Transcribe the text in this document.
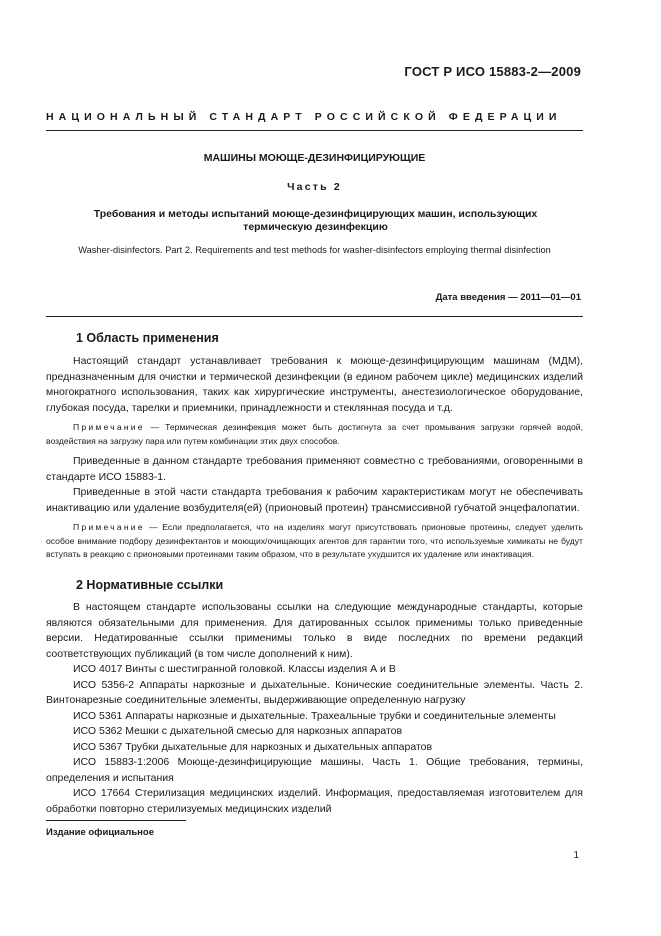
ГОСТ Р ИСО 15883-2—2009
НАЦИОНАЛЬНЫЙ СТАНДАРТ РОССИЙСКОЙ ФЕДЕРАЦИИ
МАШИНЫ МОЮЩЕ-ДЕЗИНФИЦИРУЮЩИЕ
Часть 2
Требования и методы испытаний моюще-дезинфицирующих машин, использующих термическую дезинфекцию
Washer-disinfectors. Part 2. Requirements and test methods for washer-disinfectors employing thermal disinfection
Дата введения — 2011—01—01
1 Область применения

Настоящий стандарт устанавливает требования к моюще-дезинфицирующим машинам (МДМ), предназначенным для очистки и термической дезинфекции (в едином рабочем цикле) медицинских изделий многократного использования, таких как хирургические инструменты, анестезиологическое оборудование, глубокая посуда, тарелки и приемники, принадлежности и стеклянная посуда и т.д.

Примечание — Термическая дезинфекция может быть достигнута за счет промывания загрузки горячей водой, воздействия на загрузку пара или путем комбинации этих двух способов.

Приведенные в данном стандарте требования применяют совместно с требованиями, оговоренными в стандарте ИСО 15883-1.

Приведенные в этой части стандарта требования к рабочим характеристикам могут не обеспечивать инактивацию или удаление возбудителя(ей) (прионовый протеин) трансмиссивной губчатой энцефалопатии.

Примечание — Если предполагается, что на изделиях могут присутствовать прионовые протеины, следует уделить особое внимание подбору дезинфектантов и моющих/очищающих агентов для гарантии того, что используемые химикаты не будут вступать в реакцию с прионовыми протеинами таким образом, что в результате ухудшится их удаление или инактивация.

2 Нормативные ссылки

В настоящем стандарте использованы ссылки на следующие международные стандарты, которые являются обязательными для применения. Для датированных ссылок применимы только приведенные версии. Недатированные ссылки применимы только в виде последних по времени редакций соответствующих публикаций (в том числе дополнений к ним).

ИСО 4017 Винты с шестигранной головкой. Классы изделия А и В

ИСО 5356-2 Аппараты наркозные и дыхательные. Конические соединительные элементы. Часть 2. Винтонарезные соединительные элементы, выдерживающие определенную нагрузку

ИСО 5361 Аппараты наркозные и дыхательные. Трахеальные трубки и соединительные элементы

ИСО 5362 Мешки с дыхательной смесью для наркозных аппаратов

ИСО 5367 Трубки дыхательные для наркозных и дыхательных аппаратов

ИСО 15883-1:2006 Моюще-дезинфицирующие машины. Часть 1. Общие требования, термины, определения и испытания

ИСО 17664 Стерилизация медицинских изделий. Информация, предоставляемая изготовителем для обработки повторно стерилизуемых медицинских изделий

Издание официальное
1
